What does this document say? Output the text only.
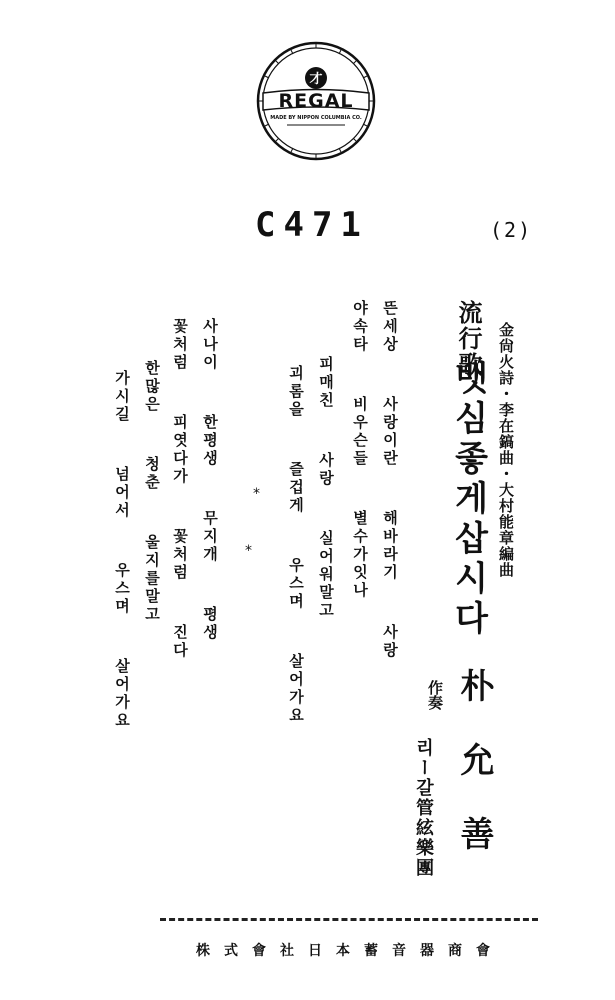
才
REGAL
MADE BY NIPPON COLUMBIA CO.
C471	(2)
金尙火詩・李在鎬曲・大村能章編曲
流行歌
뱃심좋게삽시다
뜬세상  사랑이란  해바라기  사랑
야속타  비우슨들  별수가잇나
피매친  사랑  실어워말고
괴롬을  즐겁게  우스며  살어가요
*
*
사나이  한평생  무지개  평생
꽃처럼  피엿다가  꽃처럼  진다
한많은  청춘  울지를말고
가시길  넘어서  우스며  살어가요	作奏 朴允善
리ー갈管絃樂團
株式會社日本蓄音器商會
